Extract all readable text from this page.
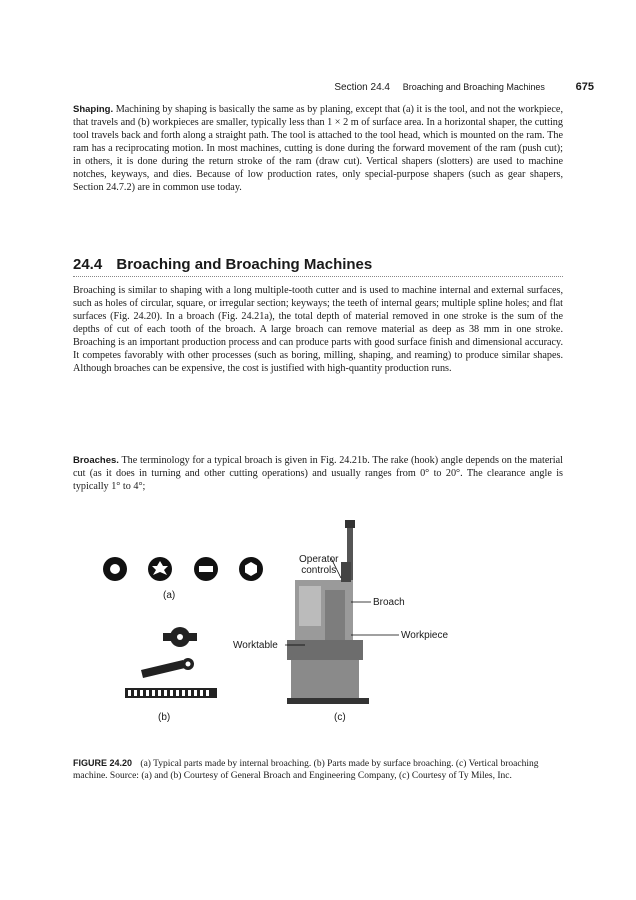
Section 24.4 Broaching and Broaching Machines	675
Shaping. Machining by shaping is basically the same as by planing, except that (a) it is the tool, and not the workpiece, that travels and (b) workpieces are smaller, typically less than 1 × 2 m of surface area. In a horizontal shaper, the cutting tool travels back and forth along a straight path. The tool is attached to the tool head, which is mounted on the ram. The ram has a reciprocating motion. In most machines, cutting is done during the forward movement of the ram (push cut); in others, it is done during the return stroke of the ram (draw cut). Vertical shapers (slotters) are used to machine notches, keyways, and dies. Because of low production rates, only special-purpose shapers (such as gear shapers, Section 24.7.2) are in common use today.
24.4 Broaching and Broaching Machines
Broaching is similar to shaping with a long multiple-tooth cutter and is used to machine internal and external surfaces, such as holes of circular, square, or irregular section; keyways; the teeth of internal gears; multiple spline holes; and flat surfaces (Fig. 24.20). In a broach (Fig. 24.21a), the total depth of material removed in one stroke is the sum of the depths of cut of each tooth of the broach. A large broach can remove material as deep as 38 mm in one stroke. Broaching is an important production process and can produce parts with good surface finish and dimensional accuracy. It competes favorably with other processes (such as boring, milling, shaping, and reaming) to produce similar shapes. Although broaches can be expensive, the cost is justified with high-quantity production runs.
Broaches. The terminology for a typical broach is given in Fig. 24.21b. The rake (hook) angle depends on the material cut (as it does in turning and other cutting operations) and usually ranges from 0° to 20°. The clearance angle is typically 1° to 4°;
(a)
(b)	(c)
Operator
controls
Broach
Workpiece
Worktable
FIGURE 24.20 (a) Typical parts made by internal broaching. (b) Parts made by surface broaching. (c) Vertical broaching machine. Source: (a) and (b) Courtesy of General Broach and Engineering Company, (c) Courtesy of Ty Miles, Inc.
